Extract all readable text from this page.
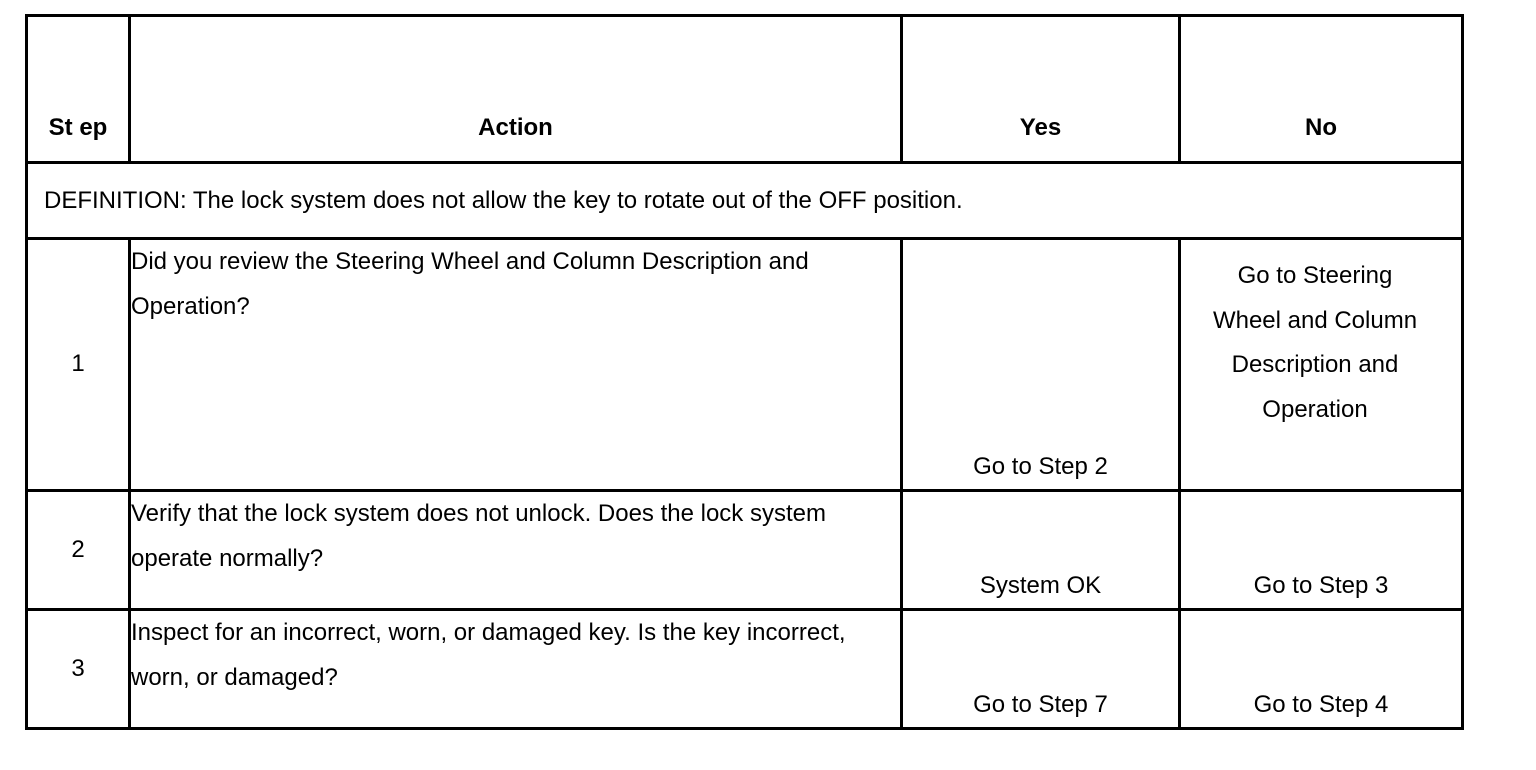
St ep	Action	Yes	No
DEFINITION: The lock system does not allow the key to rotate out of the OFF position.			
1	Did you review the Steering Wheel and Column Description and Operation?	Go to Step 2	Go to Steering Wheel and Column Description and Operation
2	Verify that the lock system does not unlock. Does the lock system operate normally?	System OK	Go to Step 3
3	Inspect for an incorrect, worn, or damaged key. Is the key incorrect, worn, or damaged?	Go to Step 7	Go to Step 4
